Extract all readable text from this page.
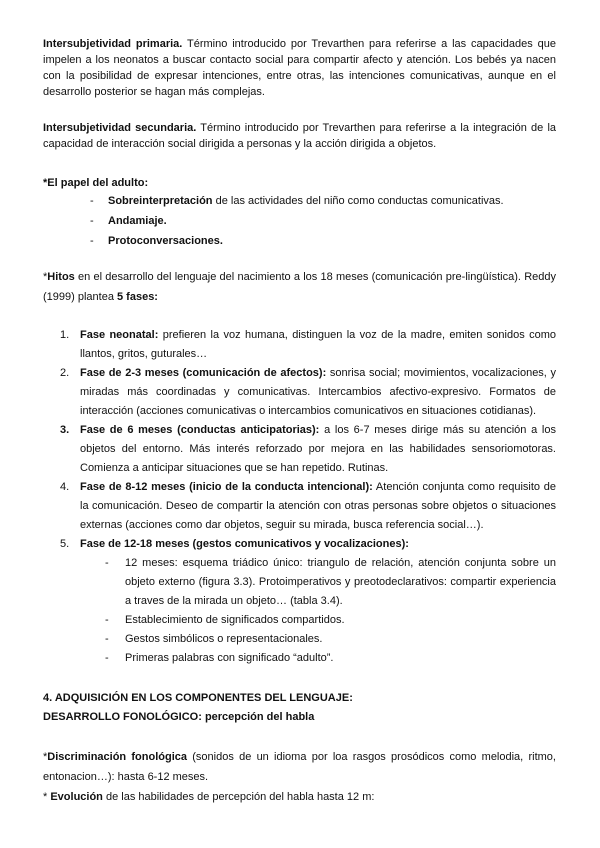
Intersubjetividad primaria. Término introducido por Trevarthen para referirse a las capacidades que impelen a los neonatos a buscar contacto social para compartir afecto y atención. Los bebés ya nacen con la posibilidad de expresar intenciones, entre otras, las intenciones comunicativas, aunque en el desarrollo posterior se hagan más complejas.

Intersubjetividad secundaria. Término introducido por Trevarthen para referirse a la integración de la capacidad de interacción social dirigida a personas y la acción dirigida a objetos.

*El papel del adulto:
- Sobreinterpretación de las actividades del niño como conductas comunicativas.
- Andamiaje.
- Protoconversaciones.

*Hitos en el desarrollo del lenguaje del nacimiento a los 18 meses (comunicación pre-lingüística). Reddy (1999) plantea 5 fases:

1. Fase neonatal: prefieren la voz humana, distinguen la voz de la madre, emiten sonidos como llantos, gritos, guturales…
2. Fase de 2-3 meses (comunicación de afectos): sonrisa social; movimientos, vocalizaciones, y miradas más coordinadas y comunicativas. Intercambios afectivo-expresivo. Formatos de interacción (acciones comunicativas o intercambios comunicativos en situaciones cotidianas).
3. Fase de 6 meses (conductas anticipatorias): a los 6-7 meses dirige más su atención a los objetos del entorno. Más interés reforzado por mejora en las habilidades sensoriomotoras. Comienza a anticipar situaciones que se han repetido. Rutinas.
4. Fase de 8-12 meses (inicio de la conducta intencional): Atención conjunta como requisito de la comunicación. Deseo de compartir la atención con otras personas sobre objetos o situaciones externas (acciones como dar objetos, seguir su mirada, busca referencia social…).
5. Fase de 12-18 meses (gestos comunicativos y vocalizaciones):
- 12 meses: esquema triádico único: triangulo de relación, atención conjunta sobre un objeto externo (figura 3.3). Protoimperativos y preotodeclarativos: compartir experiencia a traves de la mirada un objeto… (tabla 3.4).
- Establecimiento de significados compartidos.
- Gestos simbólicos o representacionales.
- Primeras palabras con significado “adulto”.
4. ADQUISICIÓN EN LOS COMPONENTES DEL LENGUAJE:
DESARROLLO FONOLÓGICO: percepción del habla

*Discriminación fonológica (sonidos de un idioma por loa rasgos prosódicos como melodia, ritmo, entonacion…): hasta 6-12 meses.

* Evolución de las habilidades de percepción del habla hasta 12 m:
